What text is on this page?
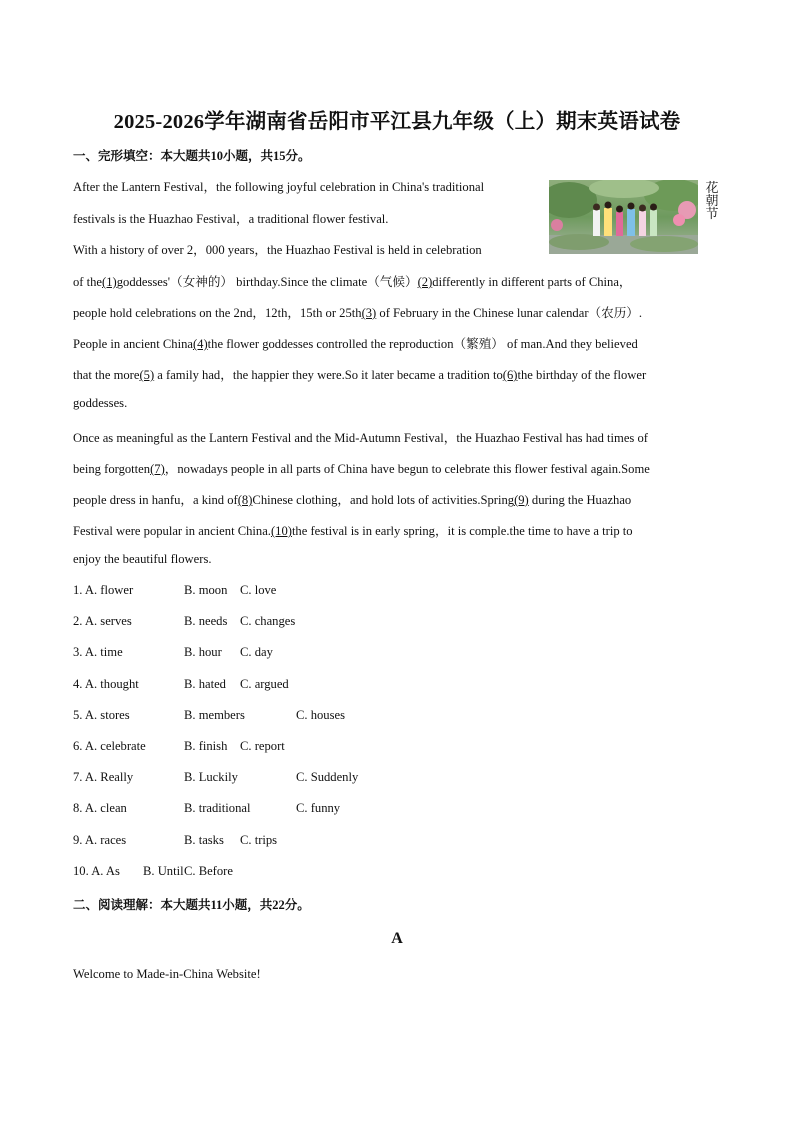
2025-2026学年湖南省岳阳市平江县九年级（上）期末英语试卷
一、完形填空：本大题共10小题，共15分。
花
朝
节
After the Lantern Festival，the following joyful celebration in China's traditional
festivals is the Huazhao Festival，a traditional flower festival.
With a history of over 2，000 years，the Huazhao Festival is held in celebration
of the(1)goddesses'（女神的） birthday.Since the climate（气候）(2)differently in different parts of China，
people hold celebrations on the 2nd，12th，15th or 25th(3) of February in the Chinese lunar calendar（农历）.
People in ancient China(4)the flower goddesses controlled the reproduction（繁殖） of man.And they believed
that the more(5) a family had，the happier they were.So it later became a tradition to(6)the birthday of the flower
goddesses.
Once as meaningful as the Lantern Festival and the Mid-Autumn Festival，the Huazhao Festival has had times of
being forgotten(7)，nowadays people in all parts of China have begun to celebrate this flower festival again.Some
people dress in hanfu，a kind of(8)Chinese clothing，and hold lots of activities.Spring(9) during the Huazhao
Festival were popular in ancient China.(10)the festival is in early spring，it is comple.the time to have a trip to
enjoy the beautiful flowers.
1. A. flower	B. moon C. love
2. A. serves	B. needs C. changes
3. A. time	B. hour C. day
4. A. thought	B. hated C. argued
5. A. stores	B. members	C. houses
6. A. celebrate	B. finish C. report
7. A. Really	B. Luckily	C. Suddenly
8. A. clean	B. traditional	C. funny
9. A. races	B. tasks C. trips
10. A. As B. Until C. Before
二、阅读理解：本大题共11小题，共22分。
A
Welcome to Made-in-China Website!
